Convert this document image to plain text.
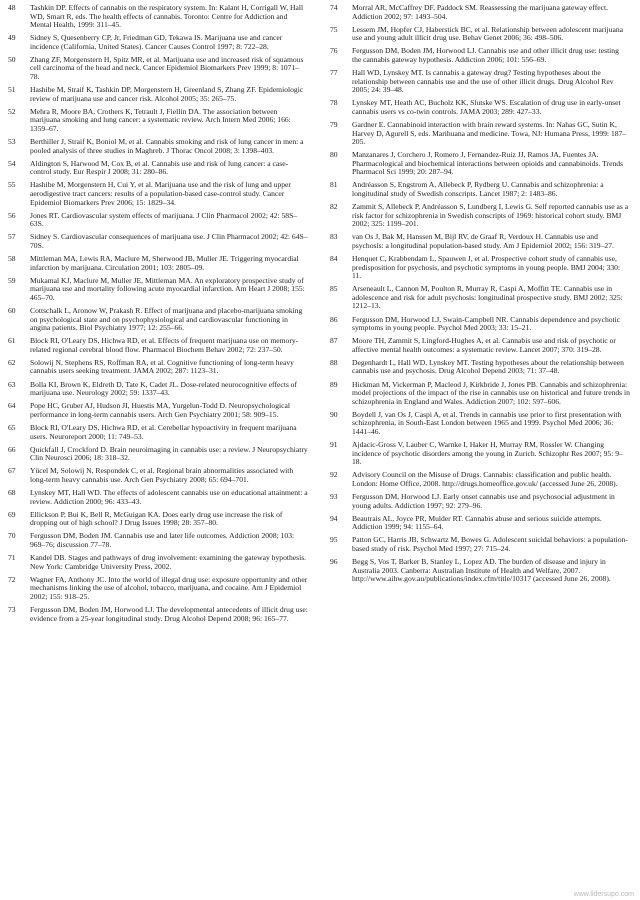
48	Tashkin DP. Effects of cannabis on the respiratory system. In: Kalant H, Corrigall W, Hall WD, Smart R, eds. The health effects of cannabis. Toronto: Centre for Addiction and Mental Health, 1999: 311–45.
49	Sidney S, Quesenberry CP, Jr, Friedman GD, Tekawa IS. Marijuana use and cancer incidence (California, United States). Cancer Causes Control 1997; 8: 722–28.
50	Zhang ZF, Morgenstern H, Spitz MR, et al. Marijuana use and increased risk of squamous cell carcinoma of the head and neck. Cancer Epidemiol Biomarkers Prev 1999; 8: 1071–78.
51	Hashibe M, Straif K, Tashkin DP, Morgenstern H, Greenland S, Zhang ZF. Epidemiologic review of marijuana use and cancer risk. Alcohol 2005; 35: 265–75.
52	Mehra R, Moore BA, Crothers K, Tetrault J, Fiellin DA. The association between marijuana smoking and lung cancer: a systematic review. Arch Intern Med 2006; 166: 1359–67.
53	Berthiller J, Straif K, Boniol M, et al. Cannabis smoking and risk of lung cancer in men: a pooled analysis of three studies in Maghreb. J Thorac Oncol 2008; 3: 1398–403.
54	Aldington S, Harwood M, Cox B, et al. Cannabis use and risk of lung cancer: a case-control study. Eur Respir J 2008; 31: 280–86.
55	Hashibe M, Morgenstern H, Cui Y, et al. Marijuana use and the risk of lung and upper aerodigestive tract cancers: results of a population-based case-control study. Cancer Epidemiol Biomarkers Prev 2006; 15: 1829–34.
56	Jones RT. Cardiovascular system effects of marijuana. J Clin Pharmacol 2002; 42: 58S–63S.
57	Sidney S. Cardiovascular consequences of marijuana use. J Clin Pharmacol 2002; 42: 64S–70S.
58	Mittleman MA, Lewis RA, Maclure M, Sherwood JB, Muller JE. Triggering myocardial infarction by marijuana. Circulation 2001; 103: 2805–09.
59	Mukamal KJ, Maclure M, Muller JE, Mittleman MA. An exploratory prospective study of marijuana use and mortality following acute myocardial infarction. Am Heart J 2008; 155: 465–70.
60	Cottschalk L, Aronow W, Prakash R. Effect of marijuana and placebo-marijuana smoking on psychological state and on psychophysiological and cardiovascular functioning in angina patients. Biol Psychiatry 1977; 12: 255–66.
61	Block RI, O'Leary DS, Hichwa RD, et al. Effects of frequent marijuana use on memory-related regional cerebral blood flow. Pharmacol Biochem Behav 2002; 72: 237–50.
62	Solowij N, Stephens RS, Roffman RA, et al. Cognitive functioning of long-term heavy cannabis users seeking treatment. JAMA 2002; 287: 1123–31.
63	Bolla KI, Brown K, Eldreth D, Tate K, Cadet JL. Dose-related neurocognitive effects of marijuana use. Neurology 2002; 59: 1337–43.
64	Pope HC, Gruber AJ, Hudson JI, Huestis MA, Yurgelun-Todd D. Neuropsychological performance in long-term cannabis users. Arch Gen Psychiatry 2001; 58: 909–15.
65	Block RI, O'Leary DS, Hichwa RD, et al. Cerebellar hypoactivity in frequent marijuana users. Neuroreport 2000; 11: 749–53.
66	Quickfall J, Crockford D. Brain neuroimaging in cannabis use: a review. J Neuropsychiatry Clin Neurosci 2006; 18: 318–32.
67	Yücel M, Solowij N, Respondek C, et al. Regional brain abnormalities associated with long-term heavy cannabis use. Arch Gen Psychiatry 2008; 65: 694–701.
68	Lynskey MT, Hall WD. The effects of adolescent cannabis use on educational attainment: a review. Addiction 2000; 96: 433–43.
69	Ellickson P, Bui K, Bell R, McGuigan KA. Does early drug use increase the risk of dropping out of high school? J Drug Issues 1998; 28: 357–80.
70	Fergusson DM, Boden JM. Cannabis use and later life outcomes. Addiction 2008; 103: 969–76; discussion 77–78.
71	Kandel DB. Stages and pathways of drug involvement: examining the gateway hypothesis. New York: Cambridge University Press, 2002.
72	Wagner FA, Anthony JC. Into the world of illegal drug use: exposure opportunity and other mechanisms linking the use of alcohol, tobacco, marijuana, and cocaine. Am J Epidemiol 2002; 155: 918–25.
73	Fergusson DM, Boden JM, Horwood LJ. The developmental antecedents of illicit drug use: evidence from a 25-year longitudinal study. Drug Alcohol Depend 2008; 96: 165–77.
74	Morral AR, McCaffrey DF, Paddock SM. Reassessing the marijuana gateway effect. Addiction 2002; 97: 1493–504.
75	Lessem JM, Hopfer CJ, Haberstick BC, et al. Relationship between adolescent marijuana use and young adult illicit drug use. Behav Genet 2006; 36: 498–506.
76	Fergusson DM, Boden JM, Horwood LJ. Cannabis use and other illicit drug use: testing the cannabis gateway hypothesis. Addiction 2006; 101: 556–69.
77	Hall WD, Lynskey MT. Is cannabis a gateway drug? Testing hypotheses about the relationship between cannabis use and the use of other illicit drugs. Drug Alcohol Rev 2005; 24: 39–48.
78	Lynskey MT, Heath AC, Bucholz KK, Slutske WS. Escalation of drug use in early-onset cannabis users vs co-twin controls. JAMA 2003; 289: 427–33.
79	Gardner E. Cannabinoid interaction with brain reward systems. In: Nahas GC, Sutin K, Harvey D, Agurell S, eds. Marihuana and medicine. Towa, NJ: Humana Press, 1999: 187–205.
80	Manzanares J, Corchero J, Romero J, Fernandez-Ruiz JJ, Ramos JA, Fuentes JA. Pharmacological and biochemical interactions between opioids and cannabinoids. Trends Pharmacol Sci 1999; 20: 287–94.
81	Andréasson S, Engstrom A, Allebeck P, Rydberg U. Cannabis and schizophrenia: a longitudinal study of Swedish conscripts. Lancet 1987; 2: 1483–86.
82	Zammit S, Allebeck P, Andréasson S, Lundberg I, Lewis G. Self reported cannabis use as a risk factor for schizophrenia in Swedish conscripts of 1969: historical cohort study. BMJ 2002; 325: 1199–201.
83	van Os J, Bak M, Hanssen M, Bijl RV, de Graaf R, Verdoux H. Cannabis use and psychosis: a longitudinal population-based study. Am J Epidemiol 2002; 156: 319–27.
84	Henquet C, Krabbendam L, Spauwen J, et al. Prospective cohort study of cannabis use, predisposition for psychosis, and psychotic symptoms in young people. BMJ 2004; 330: 11.
85	Arseneault L, Cannon M, Poulton R, Murray R, Caspi A, Moffitt TE. Cannabis use in adolescence and risk for adult psychosis: longitudinal prospective study. BMJ 2002; 325: 1212–13.
86	Fergusson DM, Horwood LJ, Swain-Campbell NR. Cannabis dependence and psychotic symptoms in young people. Psychol Med 2003; 33: 15–21.
87	Moore TH, Zammit S, Lingford-Hughes A, et al. Cannabis use and risk of psychotic or affective mental health outcomes: a systematic review. Lancet 2007; 370: 319–28.
88	Degenhardt L, Hall WD, Lynskey MT. Testing hypotheses about the relationship between cannabis use and psychosis. Drug Alcohol Depend 2003; 71: 37–48.
89	Hickman M, Vickerman P, Macleod J, Kirkbride J, Jones PB. Cannabis and schizophrenia: model projections of the impact of the rise in cannabis use on historical and future trends in schizophrenia in England and Wales. Addiction 2007; 102: 597–606.
90	Boydell J, van Os J, Caspi A, et al. Trends in cannabis use prior to first presentation with schizophrenia, in South-East London between 1965 and 1999. Psychol Med 2006; 36: 1441–46.
91	Ajdacic-Gross V, Lauber C, Warnke I, Haker H, Murray RM, Rossler W. Changing incidence of psychotic disorders among the young in Zurich. Schizophr Res 2007; 95: 9–18.
92	Advisory Council on the Misuse of Drugs. Cannabis: classification and public health. London: Home Office, 2008. http://drugs.homeoffice.gov.uk/ (accessed June 26, 2008).
93	Fergusson DM, Horwood LJ. Early onset cannabis use and psychosocial adjustment in young adults. Addiction 1997; 92: 279–96.
94	Beautrais AL, Joyce PR, Mulder RT. Cannabis abuse and serious suicide attempts. Addiction 1999; 94: 1155–64.
95	Patton GC, Harris JB, Schwartz M, Bowes G. Adolescent suicidal behaviors: a population-based study of risk. Psychol Med 1997; 27: 715–24.
96	Begg S, Vos T, Barker B, Stanley L, Lopez AD. The burden of disease and injury in Australia 2003. Canberra: Australian Institute of Health and Welfare, 2007. http://www.aihw.gov.au/publications/index.cfm/title/10317 (accessed June 26, 2008).
www.lidersupo.com
